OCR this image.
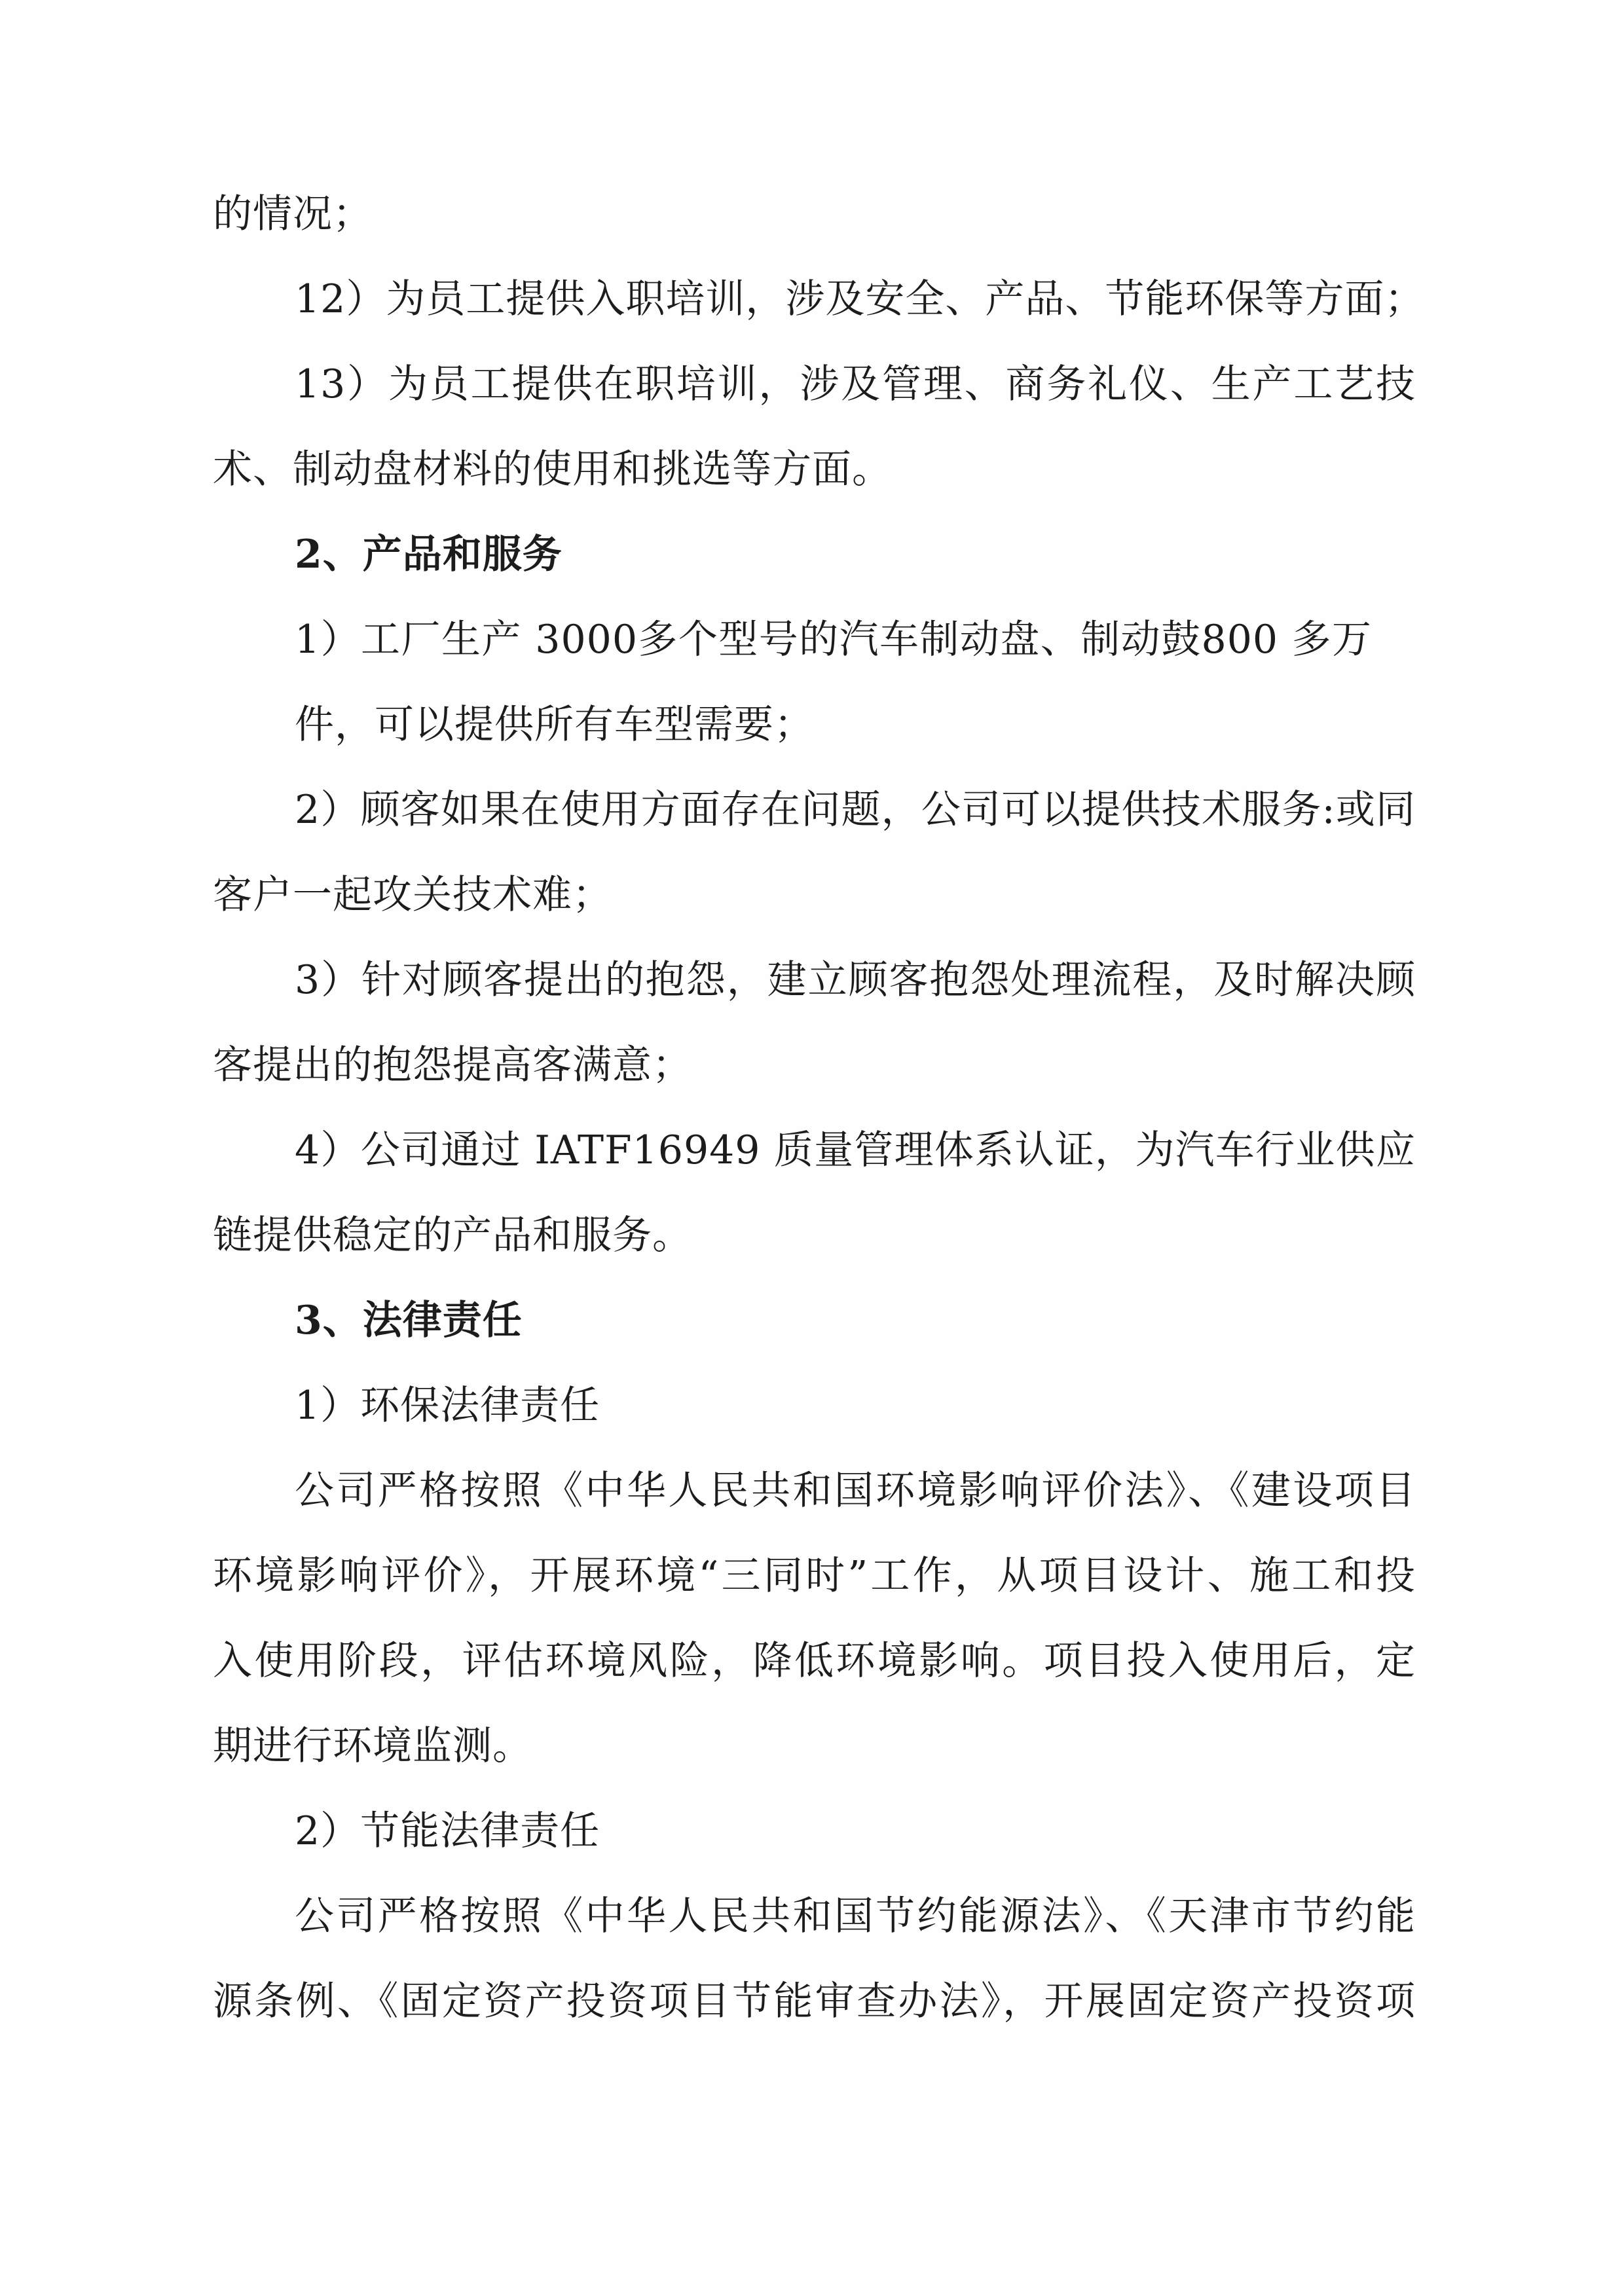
的情况；
12）为员工提供入职培训，涉及安全、产品、节能环保等方面；
13）为员工提供在职培训，涉及管理、商务礼仪、生产工艺技
术、制动盘材料的使用和挑选等方面。
2、产品和服务
1）工厂生产 3000多个型号的汽车制动盘、制动鼓800 多万
件，可以提供所有车型需要；
2）顾客如果在使用方面存在问题，公司可以提供技术服务:或同
客户一起攻关技术难；
3）针对顾客提出的抱怨，建立顾客抱怨处理流程，及时解决顾
客提出的抱怨提高客满意；
4）公司通过 IATF16949 质量管理体系认证，为汽车行业供应
链提供稳定的产品和服务。
3、法律责任
1）环保法律责任
公司严格按照《中华人民共和国环境影响评价法》、《建设项目
环境影响评价》，开展环境“三同时”工作，从项目设计、施工和投
入使用阶段，评估环境风险，降低环境影响。项目投入使用后，定
期进行环境监测。
2）节能法律责任
公司严格按照《中华人民共和国节约能源法》、《天津市节约能
源条例、《固定资产投资项目节能审查办法》，开展固定资产投资项
